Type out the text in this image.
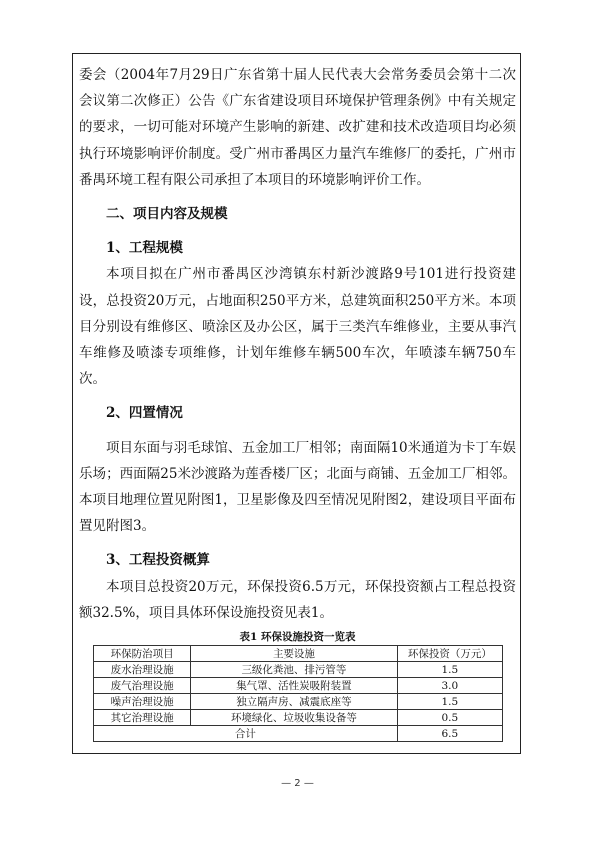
委会（2004年7月29日广东省第十届人民代表大会常务委员会第十二次会议第二次修正）公告《广东省建设项目环境保护管理条例》中有关规定的要求，一切可能对环境产生影响的新建、改扩建和技术改造项目均必须执行环境影响评价制度。受广州市番禺区力量汽车维修厂的委托，广州市番禺环境工程有限公司承担了本项目的环境影响评价工作。

二、项目内容及规模

1、工程规模

本项目拟在广州市番禺区沙湾镇东村新沙渡路9号101进行投资建设，总投资20万元，占地面积250平方米，总建筑面积250平方米。本项目分别设有维修区、喷涂区及办公区，属于三类汽车维修业，主要从事汽车维修及喷漆专项维修，计划年维修车辆500车次，年喷漆车辆750车次。

2、四置情况

项目东面与羽毛球馆、五金加工厂相邻；南面隔10米通道为卡丁车娱乐场；西面隔25米沙渡路为莲香楼厂区；北面与商铺、五金加工厂相邻。本项目地理位置见附图1，卫星影像及四至情况见附图2，建设项目平面布置见附图3。

3、工程投资概算

本项目总投资20万元，环保投资6.5万元，环保投资额占工程总投资额32.5%，项目具体环保设施投资见表1。

表1 环保设施投资一览表
环保防治项目	主要设施	环保投资（万元）
废水治理设施	三级化粪池、排污管等	1.5
废气治理设施	集气罩、活性炭吸附装置	3.0
噪声治理设施	独立隔声房、减震底座等	1.5
其它治理设施	环境绿化、垃圾收集设备等	0.5
合计		6.5
— 2 —
